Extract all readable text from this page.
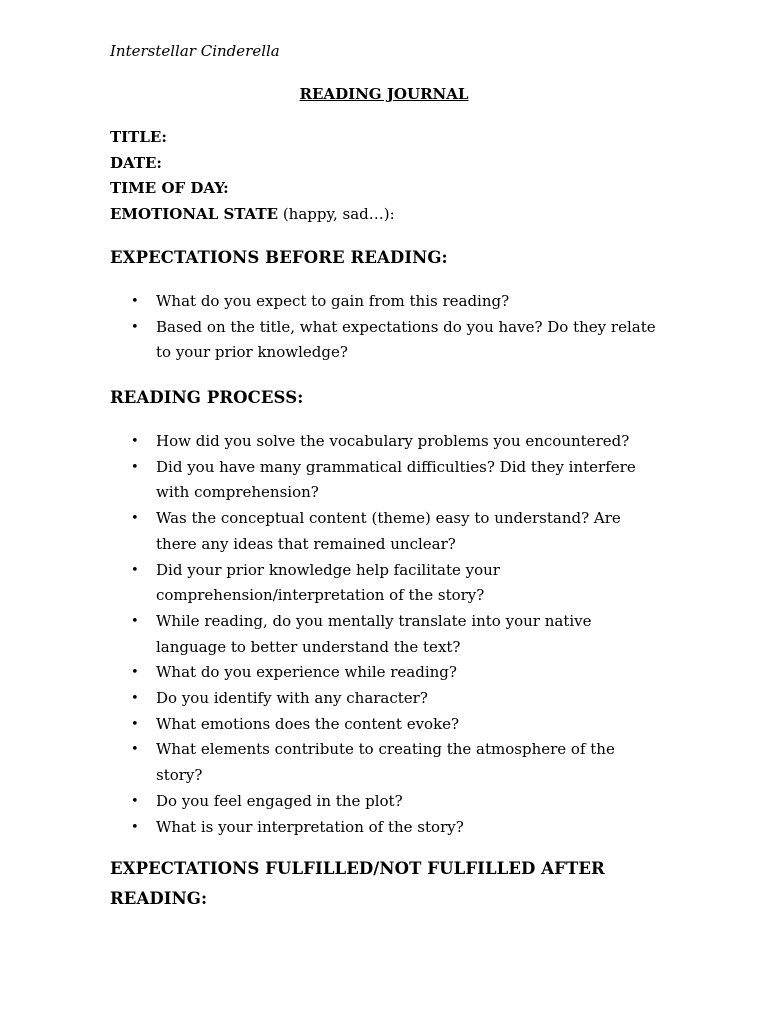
Interstellar Cinderella
READING JOURNAL
TITLE:
DATE:
TIME OF DAY:
EMOTIONAL STATE (happy, sad…):
EXPECTATIONS BEFORE READING:
• What do you expect to gain from this reading?
• Based on the title, what expectations do you have? Do they relate to your prior knowledge?
READING PROCESS:
• How did you solve the vocabulary problems you encountered?
• Did you have many grammatical difficulties? Did they interfere with comprehension?
• Was the conceptual content (theme) easy to understand? Are there any ideas that remained unclear?
• Did your prior knowledge help facilitate your comprehension/interpretation of the story?
• While reading, do you mentally translate into your native language to better understand the text?
• What do you experience while reading?
• Do you identify with any character?
• What emotions does the content evoke?
• What elements contribute to creating the atmosphere of the story?
• Do you feel engaged in the plot?
• What is your interpretation of the story?
EXPECTATIONS FULFILLED/NOT FULFILLED AFTER READING:
